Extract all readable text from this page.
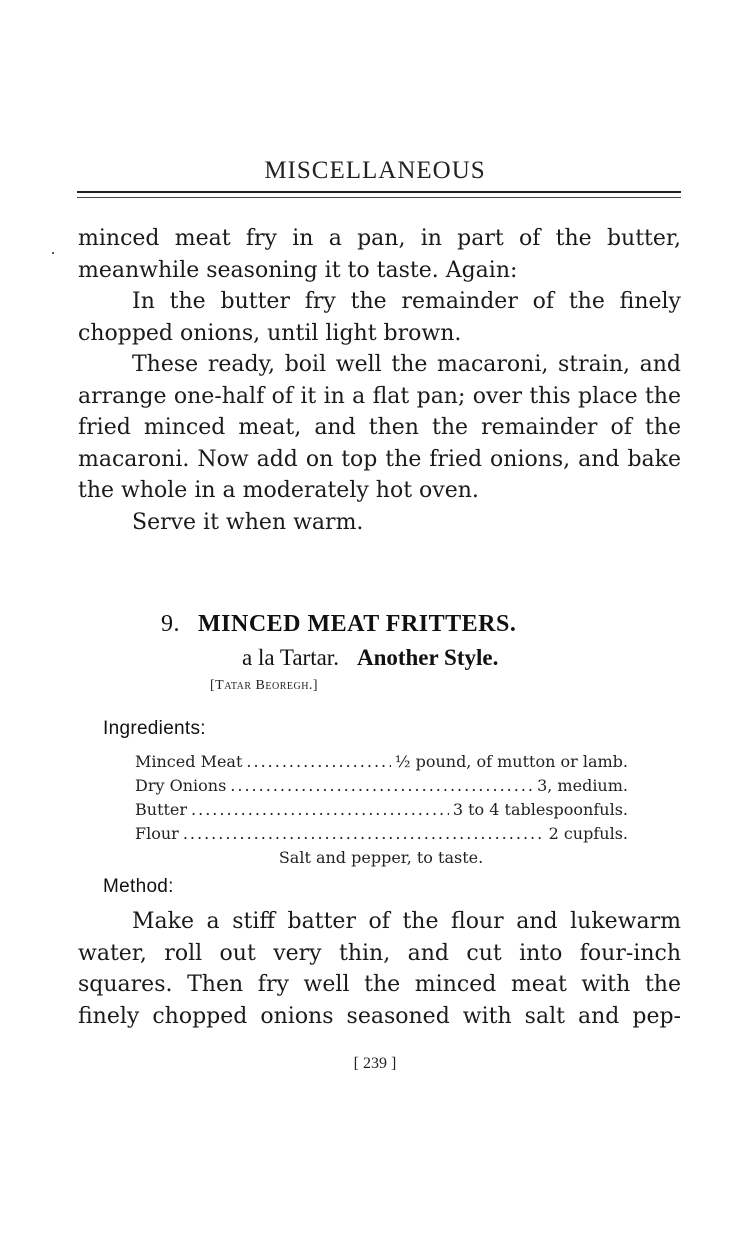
MISCELLANEOUS

minced meat fry in a pan, in part of the butter, meanwhile seasoning it to taste. Again:

In the butter fry the remainder of the finely chopped onions, until light brown.

These ready, boil well the macaroni, strain, and arrange one-half of it in a flat pan; over this place the fried minced meat, and then the remainder of the macaroni. Now add on top the fried onions, and bake the whole in a moderately hot oven.

Serve it when warm.

9. MINCED MEAT FRITTERS.
a la Tartar. Another Style.
[Tatar Beoregh.]
Ingredients:
Minced Meat .....	½ pound, of mutton or lamb.
Dry Onions .....	3, medium.
Butter .....	3 to 4 tablespoonfuls.
Flour .....	2 cupfuls.
Salt and pepper, to taste.
Method:

Make a stiff batter of the flour and lukewarm water, roll out very thin, and cut into four-inch squares. Then fry well the minced meat with the finely chopped onions seasoned with salt and pep-

[ 239 ]
